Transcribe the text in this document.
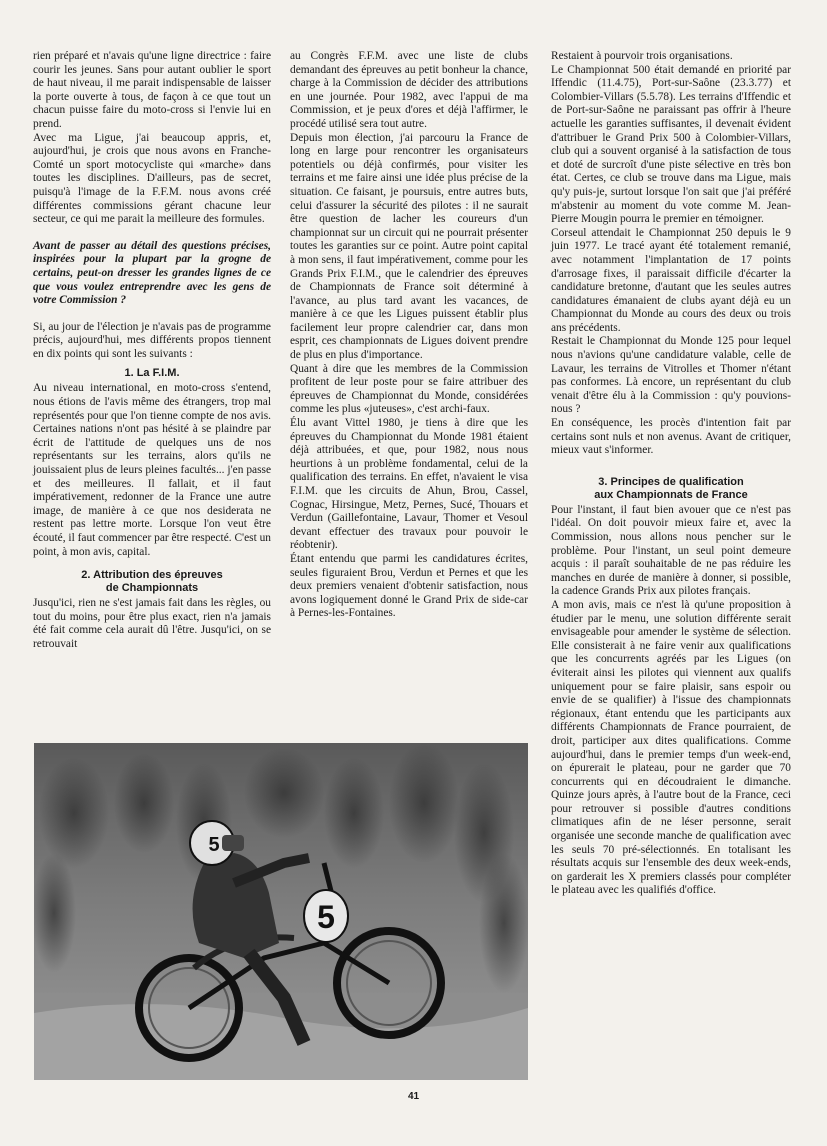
rien préparé et n'avais qu'une ligne directrice : faire courir les jeunes. Sans pour autant oublier le sport de haut niveau, il me parait indispensable de laisser la porte ouverte à tous, de façon à ce que tout un chacun puisse faire du moto-cross si l'envie lui en prend.

Avec ma Ligue, j'ai beaucoup appris, et, aujourd'hui, je crois que nous avons en Franche-Comté un sport motocycliste qui «marche» dans toutes les disciplines. D'ailleurs, pas de secret, puisqu'à l'image de la F.F.M. nous avons créé différentes commissions gérant chacune leur secteur, ce qui me parait la meilleure des formules.

Avant de passer au détail des questions précises, inspirées pour la plupart par la grogne de certains, peut-on dresser les grandes lignes de ce que vous voulez entreprendre avec les gens de votre Commission ?

Si, au jour de l'élection je n'avais pas de programme précis, aujourd'hui, mes différents propos tiennent en dix points qui sont les suivants :

1. La F.I.M.

Au niveau international, en moto-cross s'entend, nous étions de l'avis même des étrangers, trop mal représentés pour que l'on tienne compte de nos avis. Certaines nations n'ont pas hésité à se plaindre par écrit de l'attitude de quelques uns de nos représentants sur les terrains, alors qu'ils ne jouissaient plus de leurs pleines facultés... j'en passe et des meilleures. Il fallait, et il faut impérativement, redonner de la France une autre image, de manière à ce que nos desiderata ne restent pas lettre morte. Lorsque l'on veut être écouté, il faut commencer par être respecté. C'est un point, à mon avis, capital.

2. Attribution des épreuves
de Championnats

Jusqu'ici, rien ne s'est jamais fait dans les règles, ou tout du moins, pour être plus exact, rien n'a jamais été fait comme cela aurait dû l'être. Jusqu'ici, on se retrouvait

au Congrès F.F.M. avec une liste de clubs demandant des épreuves au petit bonheur la chance, charge à la Commission de décider des attributions en une journée. Pour 1982, avec l'appui de ma Commission, et je peux d'ores et déjà l'affirmer, le procédé utilisé sera tout autre.

Depuis mon élection, j'ai parcouru la France de long en large pour rencontrer les organisateurs potentiels ou déjà confirmés, pour visiter les terrains et me faire ainsi une idée plus précise de la situation. Ce faisant, je poursuis, entre autres buts, celui d'assurer la sécurité des pilotes : il ne saurait être question de lacher les coureurs d'un championnat sur un circuit qui ne pourrait présenter toutes les garanties sur ce point. Autre point capital à mon sens, il faut impérativement, comme pour les Grands Prix F.I.M., que le calendrier des épreuves de Championnats de France soit déterminé à l'avance, au plus tard avant les vacances, de manière à ce que les Ligues puissent établir plus facilement leur propre calendrier car, dans mon esprit, ces championnats de Ligues doivent prendre de plus en plus d'importance.

Quant à dire que les membres de la Commission profitent de leur poste pour se faire attribuer des épreuves de Championnat du Monde, considérées comme les plus «juteuses», c'est archi-faux.

Élu avant Vittel 1980, je tiens à dire que les épreuves du Championnat du Monde 1981 étaient déjà attribuées, et que, pour 1982, nous nous heurtions à un problème fondamental, celui de la qualification des terrains. En effet, n'avaient le visa F.I.M. que les circuits de Ahun, Brou, Cassel, Cognac, Hirsingue, Metz, Pernes, Sucé, Thouars et Verdun (Gaillefontaine, Lavaur, Thomer et Vesoul devant effectuer des travaux pour pouvoir le réobtenir).

Étant entendu que parmi les candidatures écrites, seules figuraient Brou, Verdun et Pernes et que les deux premiers venaient d'obtenir satisfaction, nous avons logiquement donné le Grand Prix de side-car à Pernes-les-Fontaines.

Restaient à pourvoir trois organisations.

Le Championnat 500 était demandé en priorité par Iffendic (11.4.75), Port-sur-Saône (23.3.77) et Colombier-Villars (5.5.78). Les terrains d'Iffendic et de Port-sur-Saône ne paraissant pas offrir à l'heure actuelle les garanties suffisantes, il devenait évident d'attribuer le Grand Prix 500 à Colombier-Villars, club qui a souvent organisé à la satisfaction de tous et doté de surcroît d'une piste sélective en très bon état. Certes, ce club se trouve dans ma Ligue, mais qu'y puis-je, surtout lorsque l'on sait que j'ai préféré m'abstenir au moment du vote comme M. Jean-Pierre Mougin pourra le premier en témoigner.

Corseul attendait le Championnat 250 depuis le 9 juin 1977. Le tracé ayant été totalement remanié, avec notamment l'implantation de 17 points d'arrosage fixes, il paraissait difficile d'écarter la candidature bretonne, d'autant que les seules autres candidatures émanaient de clubs ayant déjà eu un Championnat du Monde au cours des deux ou trois ans précédents.

Restait le Championnat du Monde 125 pour lequel nous n'avions qu'une candidature valable, celle de Lavaur, les terrains de Vitrolles et Thomer n'étant pas conformes. Là encore, un représentant du club venait d'être élu à la Commission : qu'y pouvions-nous ?

En conséquence, les procès d'intention fait par certains sont nuls et non avenus. Avant de critiquer, mieux vaut s'informer.

3. Principes de qualification
aux Championnats de France

Pour l'instant, il faut bien avouer que ce n'est pas l'idéal. On doit pouvoir mieux faire et, avec la Commission, nous allons nous pencher sur le problème. Pour l'instant, un seul point demeure acquis : il paraît souhaitable de ne pas réduire les manches en durée de manière à donner, si possible, la cadence Grands Prix aux pilotes français.

A mon avis, mais ce n'est là qu'une proposition à étudier par le menu, une solution différente serait envisageable pour amender le système de sélection. Elle consisterait à ne faire venir aux qualifications que les concurrents agréés par les Ligues (on éviterait ainsi les pilotes qui viennent aux qualifs uniquement pour se faire plaisir, sans espoir ou envie de se qualifier) à l'issue des championnats régionaux, étant entendu que les participants aux différents Championnats de France pourraient, de droit, participer aux dites qualifications. Comme aujourd'hui, dans le premier temps d'un week-end, on épurerait le plateau, pour ne garder que 70 concurrents qui en découdraient le dimanche. Quinze jours après, à l'autre bout de la France, ceci pour retrouver si possible d'autres conditions climatiques afin de ne léser personne, serait organisée une seconde manche de qualification avec les seuls 70 pré-sélectionnés. En totalisant les résultats acquis sur l'ensemble des deux week-ends, on garderait les X premiers classés pour compléter le plateau avec les qualifiés d'office.

5
5
41
